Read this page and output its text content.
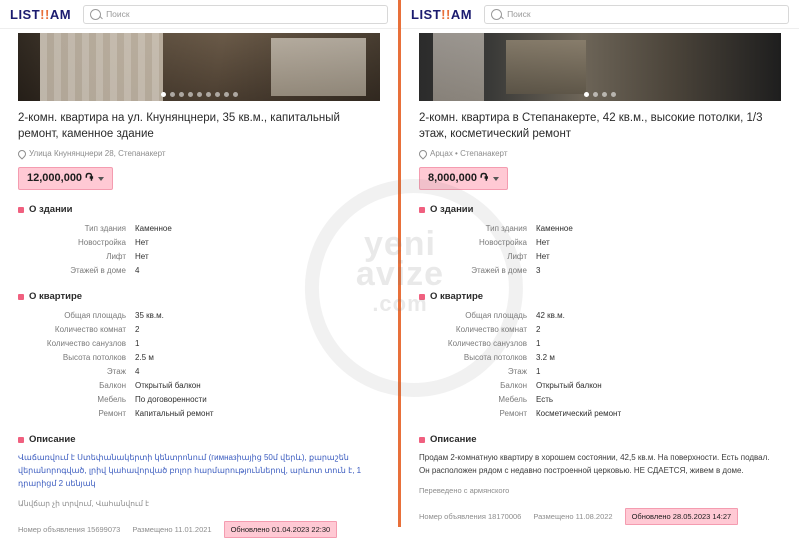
LIST!!AM	Поиск
2-комн. квартира на ул. Кнунянцнери, 35 кв.м., капитальный ремонт, каменное здание
Улица Кнунянцнери 28, Степанакерт
12,000,000 ֏
О здании
Тип здания	Каменное
Новостройка	Нет
Лифт	Нет
Этажей в доме	4
О квартире
Общая площадь	35 кв.м.
Количество комнат	2
Количество санузлов	1
Высота потолков	2.5 м
Этаж	4
Балкон	Открытый балкон
Мебель	По договоренности
Ремонт	Капитальный ремонт
Описание
Վաճառվում է Ստեփանակերտի կենտրոնում (гимназիայից 50մ վերև), քարաշեն վերանորոգված, լրիվ կահավորված բոլոր հարմարություններով, արևոտ տուն է, 1 դրարիցմ 2 սենյակ
Անվճար չի տրվում, Վահանվում է
Номер объявления 15699073 Размещено 11.01.2021	Обновлено 01.04.2023 22:30
LIST!!AM	Поиск
2-комн. квартира в Степанакерте, 42 кв.м., высокие потолки, 1/3 этаж, косметический ремонт
Арцах • Степанакерт
8,000,000 ֏
О здании
Тип здания	Каменное
Новостройка	Нет
Лифт	Нет
Этажей в доме	3
О квартире
Общая площадь	42 кв.м.
Количество комнат	2
Количество санузлов	1
Высота потолков	3.2 м
Этаж	1
Балкон	Открытый балкон
Мебель	Есть
Ремонт	Косметический ремонт
Описание
Продам 2-комнатную квартиру в хорошем состоянии, 42,5 кв.м. На поверхности. Есть подвал. Он расположен рядом с недавно построенной церковью. НЕ СДАЕТСЯ, живем в доме.
Переведено с армянского
Номер объявления 18170006 Размещено 11.08.2022	Обновлено 28.05.2023 14:27
